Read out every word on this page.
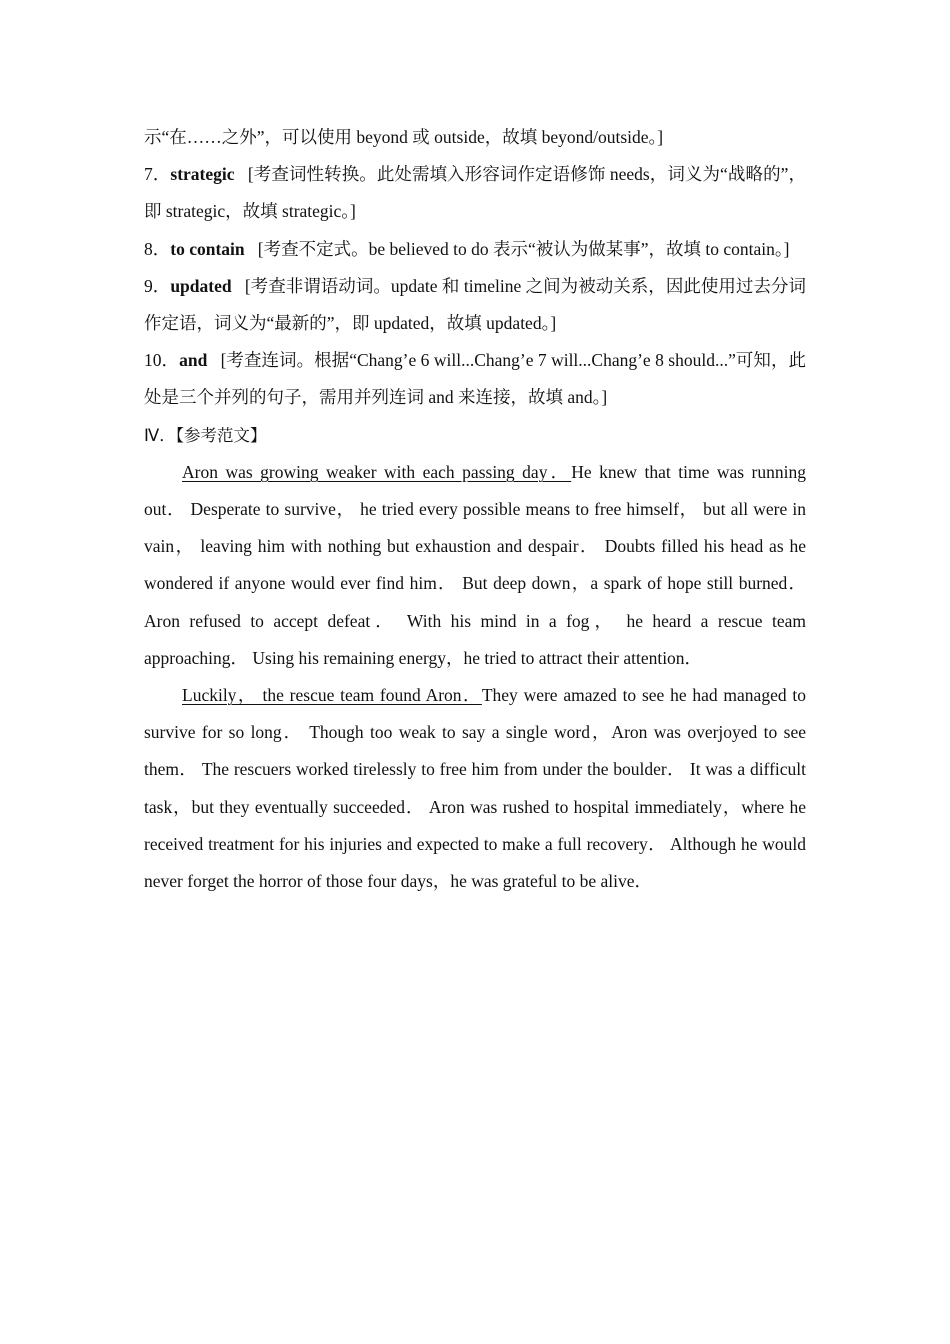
示“在……之外”，可以使用 beyond 或 outside，故填 beyond/outside。]

7．strategic [考查词性转换。此处需填入形容词作定语修饰 needs，词义为“战略的”，即 strategic，故填 strategic。]

8．to contain [考查不定式。be believed to do 表示“被认为做某事”，故填 to contain。]

9．updated [考查非谓语动词。update 和 timeline 之间为被动关系，因此使用过去分词作定语，词义为“最新的”，即 updated，故填 updated。]

10．and [考查连词。根据“Chang’e 6 will...Chang’e 7 will...Chang’e 8 should...”可知，此处是三个并列的句子，需用并列连词 and 来连接，故填 and。]

Ⅳ．【参考范文】

Aron was growing weaker with each passing day．He knew that time was running out． Desperate to survive， he tried every possible means to free himself， but all were in vain， leaving him with nothing but exhaustion and despair． Doubts filled his head as he wondered if anyone would ever find him． But deep down，a spark of hope still burned． Aron refused to accept defeat． With his mind in a fog， he heard a rescue team approaching． Using his remaining energy，he tried to attract their attention．

Luckily， the rescue team found Aron．They were amazed to see he had managed to survive for so long． Though too weak to say a single word，Aron was overjoyed to see them． The rescuers worked tirelessly to free him from under the boulder． It was a difficult task，but they eventually succeeded． Aron was rushed to hospital immediately，where he received treatment for his injuries and expected to make a full recovery． Although he would never forget the horror of those four days，he was grateful to be alive．
